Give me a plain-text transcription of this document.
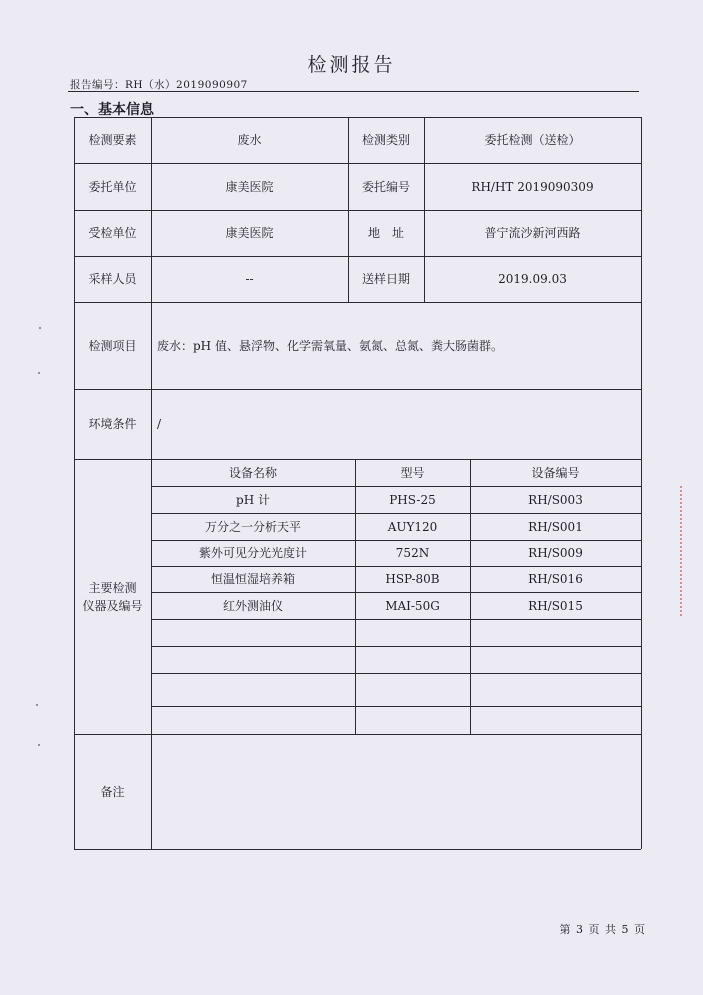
检测报告
报告编号：RH（水）2019090907
一、基本信息
检测要素	废水	检测类别	委托检测（送检）
委托单位	康美医院	委托编号	RH/HT 2019090309
受检单位	康美医院	地　址	普宁流沙新河西路
采样人员	--	送样日期	2019.09.03
检测项目	废水：pH 值、悬浮物、化学需氧量、氨氮、总氮、粪大肠菌群。
环境条件	/
主要检测
仪器及编号
设备名称	型号	设备编号
pH 计	PHS-25	RH/S003
万分之一分析天平	AUY120	RH/S001
紫外可见分光光度计	752N	RH/S009
恒温恒湿培养箱	HSP-80B	RH/S016
红外测油仪	MAI-50G	RH/S015
备注
第 3 页 共 5 页
